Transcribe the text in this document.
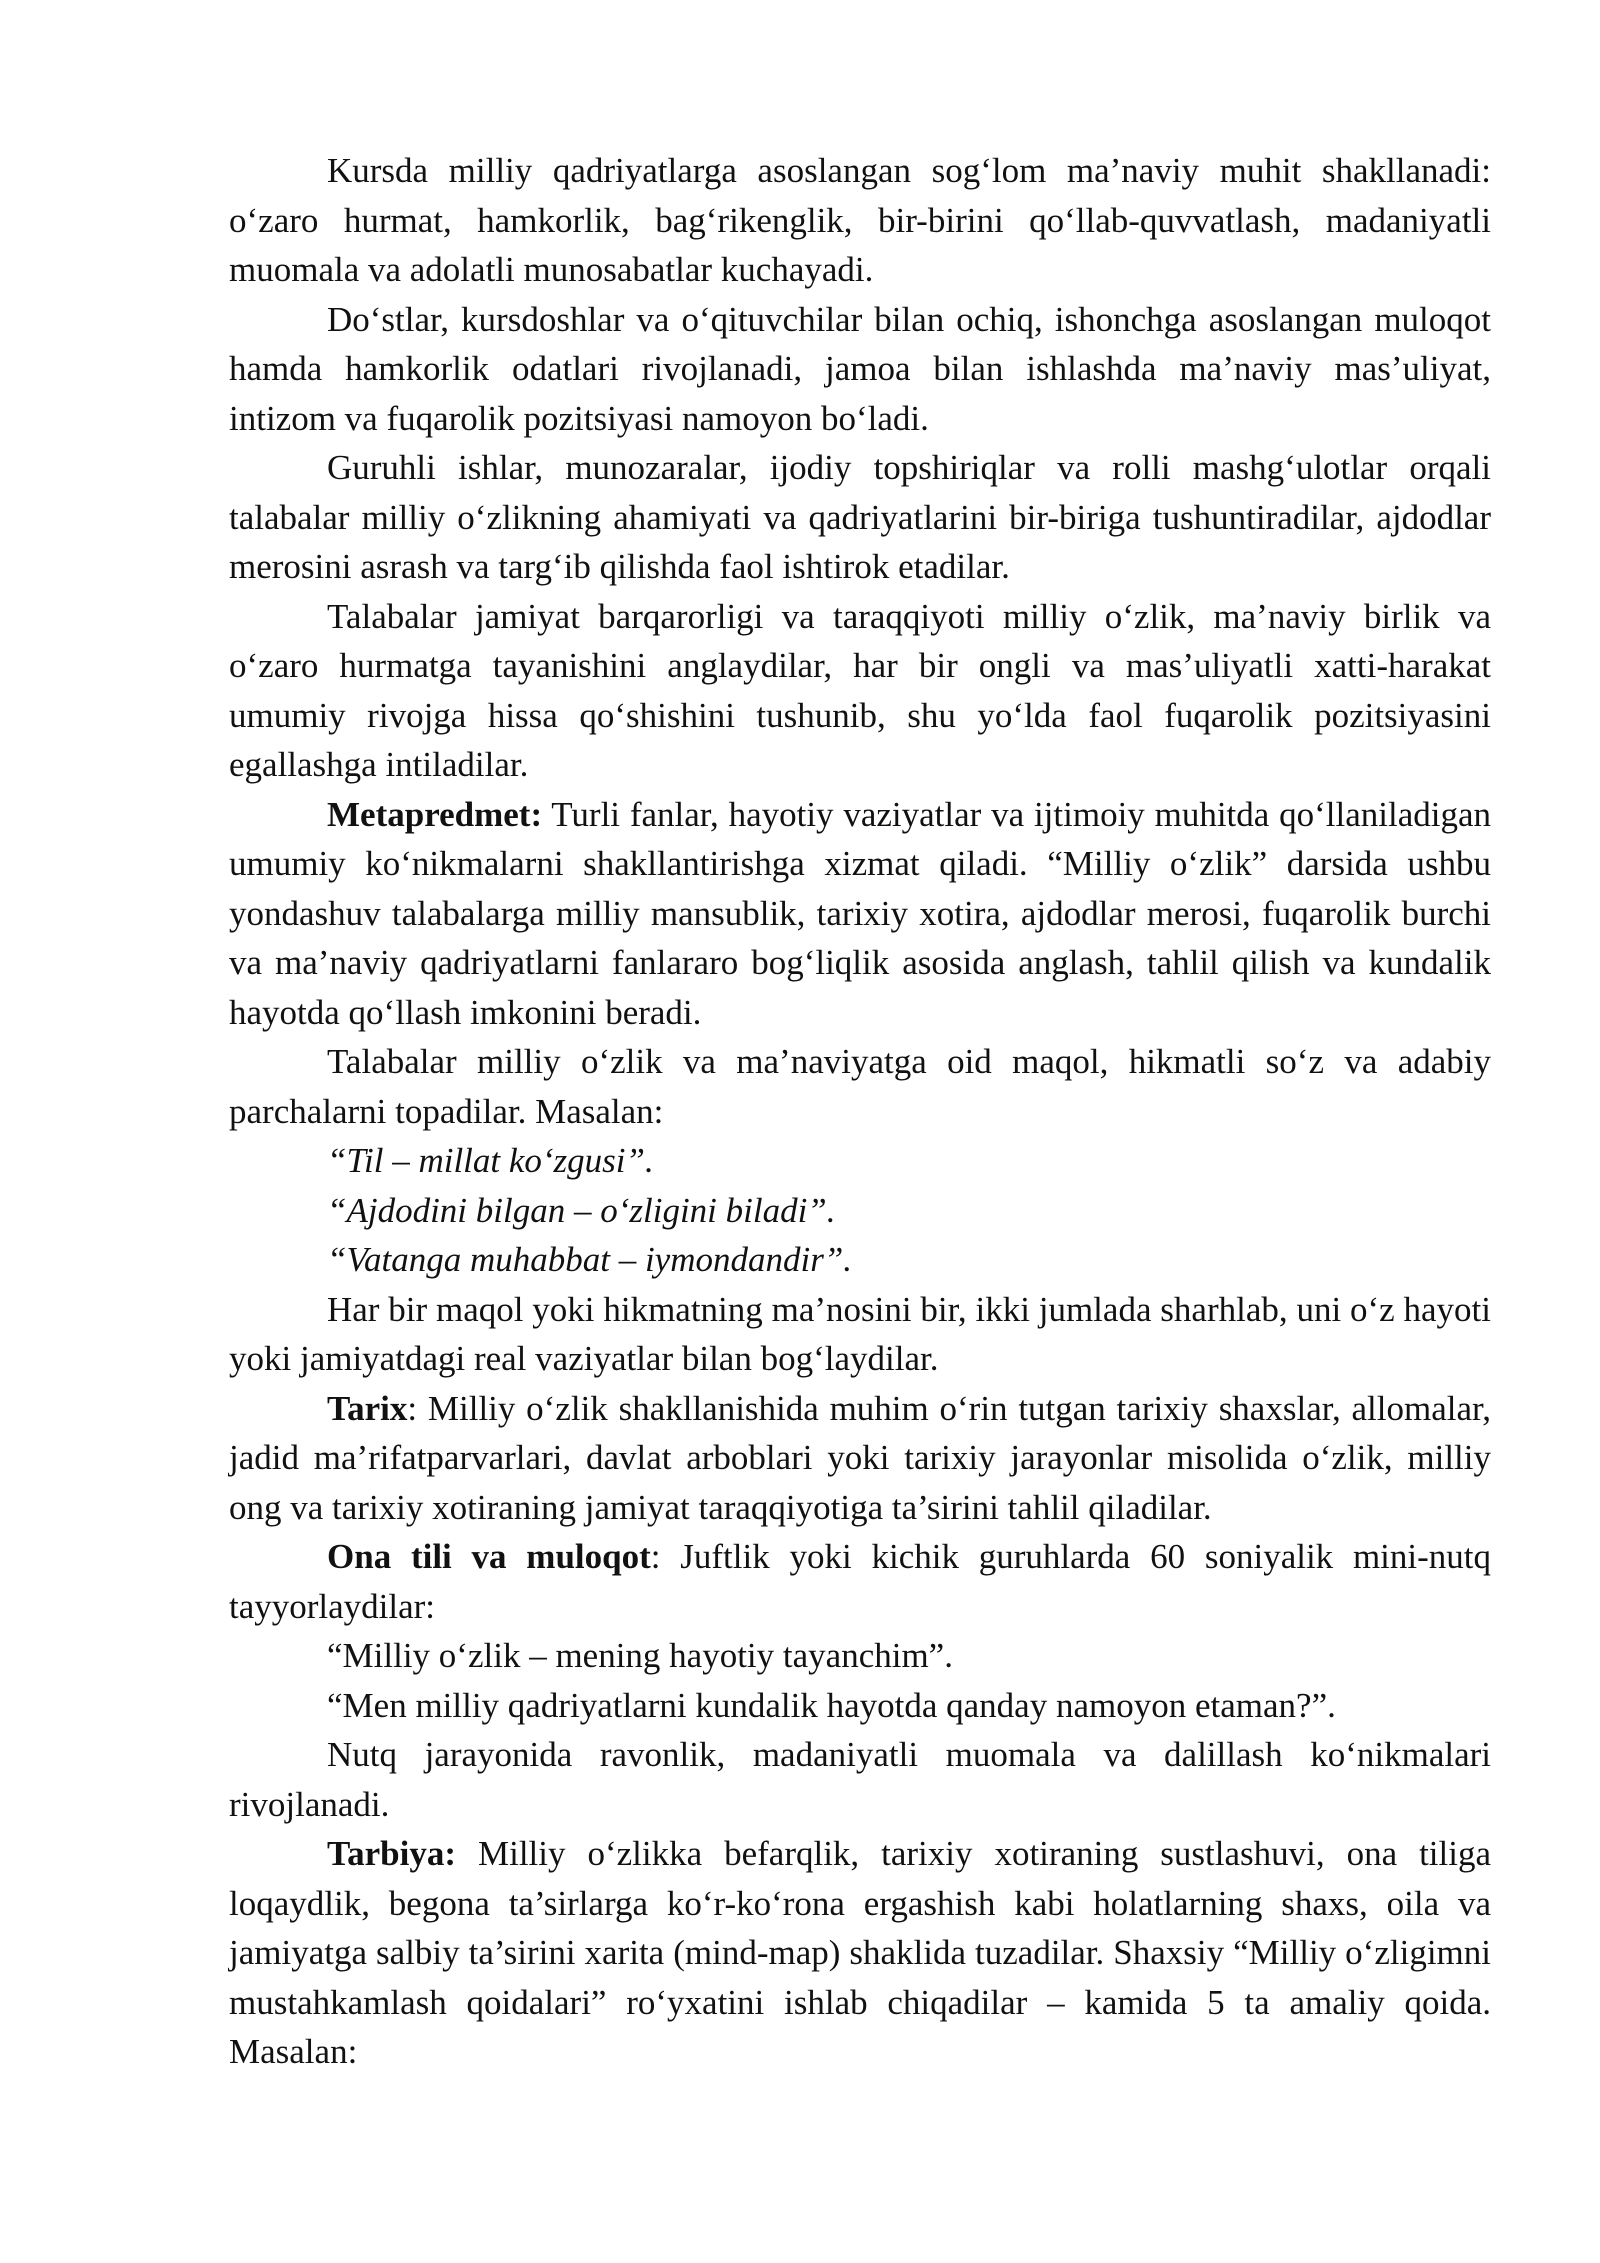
Kursda milliy qadriyatlarga asoslangan sog‘lom ma’naviy muhit shakllanadi: o‘zaro hurmat, hamkorlik, bag‘rikenglik, bir-birini qo‘llab-quvvatlash, madaniyatli muomala va adolatli munosabatlar kuchayadi.

Do‘stlar, kursdoshlar va o‘qituvchilar bilan ochiq, ishonchga asoslangan muloqot hamda hamkorlik odatlari rivojlanadi, jamoa bilan ishlashda ma’naviy mas’uliyat, intizom va fuqarolik pozitsiyasi namoyon bo‘ladi.

Guruhli ishlar, munozaralar, ijodiy topshiriqlar va rolli mashg‘ulotlar orqali talabalar milliy o‘zlikning ahamiyati va qadriyatlarini bir-biriga tushuntiradilar, ajdodlar merosini asrash va targ‘ib qilishda faol ishtirok etadilar.

Talabalar jamiyat barqarorligi va taraqqiyoti milliy o‘zlik, ma’naviy birlik va o‘zaro hurmatga tayanishini anglaydilar, har bir ongli va mas’uliyatli xatti-harakat umumiy rivojga hissa qo‘shishini tushunib, shu yo‘lda faol fuqarolik pozitsiyasini egallashga intiladilar.

Metapredmet: Turli fanlar, hayotiy vaziyatlar va ijtimoiy muhitda qo‘llaniladigan umumiy ko‘nikmalarni shakllantirishga xizmat qiladi. “Milliy o‘zlik” darsida ushbu yondashuv talabalarga milliy mansublik, tarixiy xotira, ajdodlar merosi, fuqarolik burchi va ma’naviy qadriyatlarni fanlararo bog‘liqlik asosida anglash, tahlil qilish va kundalik hayotda qo‘llash imkonini beradi.

Talabalar milliy o‘zlik va ma’naviyatga oid maqol, hikmatli so‘z va adabiy parchalarni topadilar. Masalan:

“Til – millat ko‘zgusi”.

“Ajdodini bilgan – o‘zligini biladi”.

“Vatanga muhabbat – iymondandir”.

Har bir maqol yoki hikmatning ma’nosini bir, ikki jumlada sharhlab, uni o‘z hayoti yoki jamiyatdagi real vaziyatlar bilan bog‘laydilar.

Tarix: Milliy o‘zlik shakllanishida muhim o‘rin tutgan tarixiy shaxslar, allomalar, jadid ma’rifatparvarlari, davlat arboblari yoki tarixiy jarayonlar misolida o‘zlik, milliy ong va tarixiy xotiraning jamiyat taraqqiyotiga ta’sirini tahlil qiladilar.

Ona tili va muloqot: Juftlik yoki kichik guruhlarda 60 soniyalik mini-nutq tayyorlaydilar:

“Milliy o‘zlik – mening hayotiy tayanchim”.

“Men milliy qadriyatlarni kundalik hayotda qanday namoyon etaman?”.

Nutq jarayonida ravonlik, madaniyatli muomala va dalillash ko‘nikmalari rivojlanadi.

Tarbiya: Milliy o‘zlikka befarqlik, tarixiy xotiraning sustlashuvi, ona tiliga loqaydlik, begona ta’sirlarga ko‘r-ko‘rona ergashish kabi holatlarning shaxs, oila va jamiyatga salbiy ta’sirini xarita (mind-map) shaklida tuzadilar. Shaxsiy “Milliy o‘zligimni mustahkamlash qoidalari” ro‘yxatini ishlab chiqadilar – kamida 5 ta amaliy qoida. Masalan:
